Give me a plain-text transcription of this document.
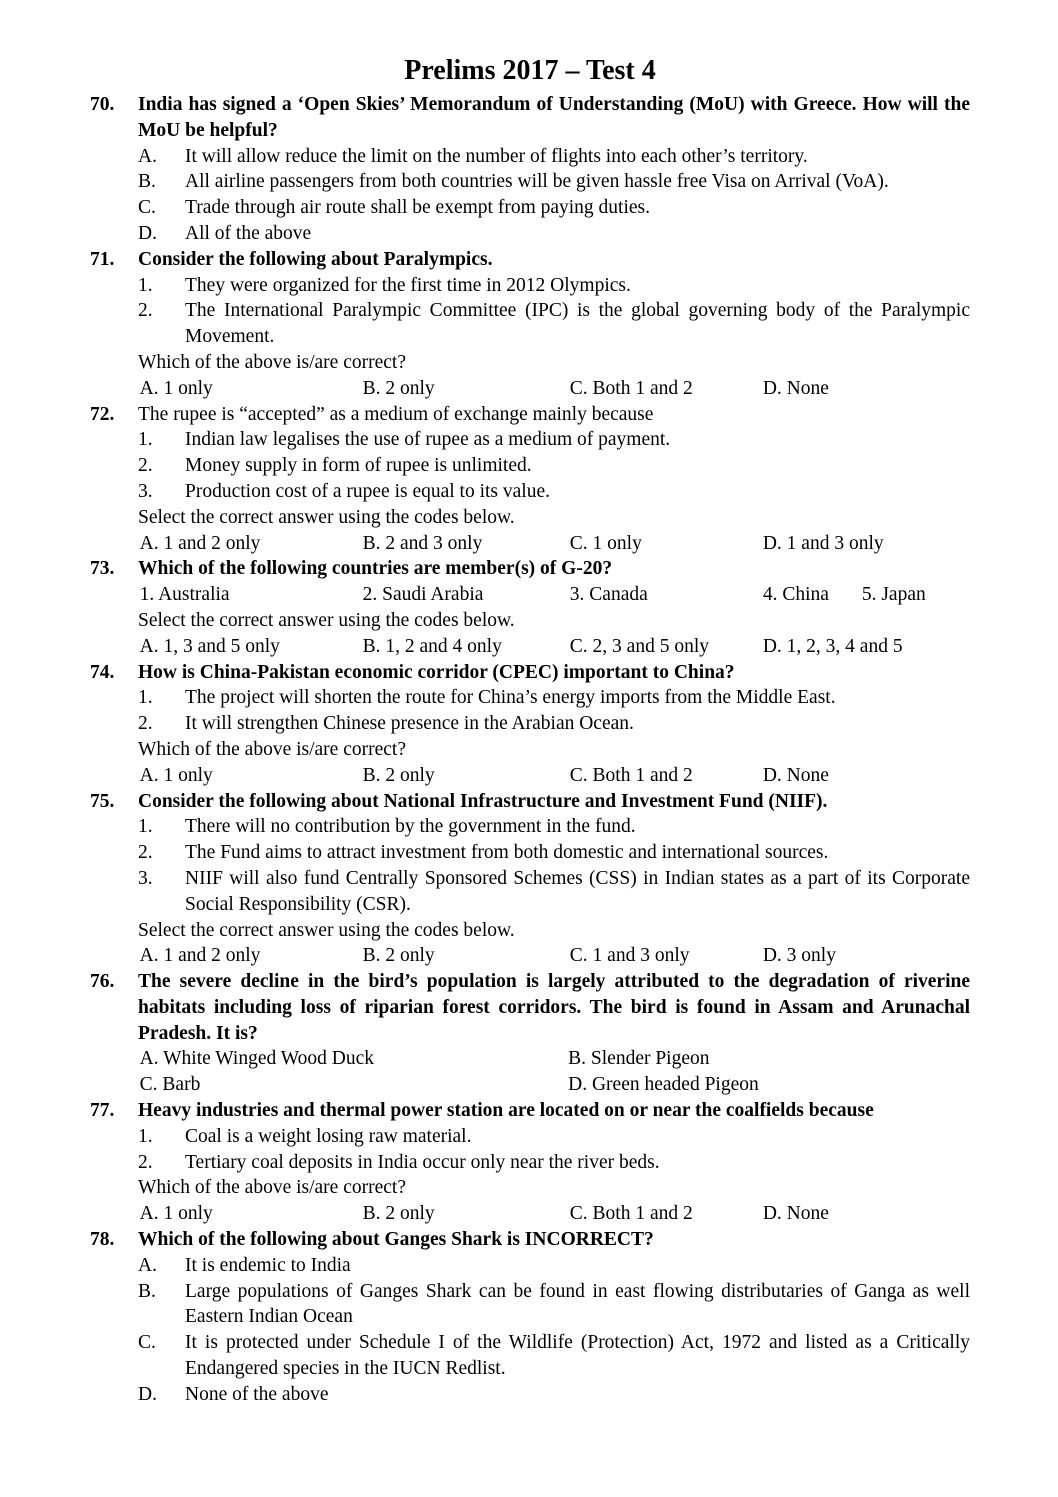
Prelims 2017 – Test 4
70.	India has signed a ‘Open Skies’ Memorandum of Understanding (MoU) with Greece. How will the MoU be helpful?
A.	It will allow reduce the limit on the number of flights into each other’s territory.
B.	All airline passengers from both countries will be given hassle free Visa on Arrival (VoA).
C.	Trade through air route shall be exempt from paying duties.
D.	All of the above
71.	Consider the following about Paralympics.
1.	They were organized for the first time in 2012 Olympics.
2.	The International Paralympic Committee (IPC) is the global governing body of the Paralympic Movement.
Which of the above is/are correct?
A. 1 only	B. 2 only	C. Both 1 and 2	D. None
72.	The rupee is “accepted” as a medium of exchange mainly because
1.	Indian law legalises the use of rupee as a medium of payment.
2.	Money supply in form of rupee is unlimited.
3.	Production cost of a rupee is equal to its value.
Select the correct answer using the codes below.
A. 1 and 2 only	B. 2 and 3 only	C. 1 only	D. 1 and 3 only
73.	Which of the following countries are member(s) of G-20?
1. Australia	2. Saudi Arabia	3. Canada	4. China 5. Japan
Select the correct answer using the codes below.
A. 1, 3 and 5 only	B. 1, 2 and 4 only	C. 2, 3 and 5 only	D. 1, 2, 3, 4 and 5
74.	How is China-Pakistan economic corridor (CPEC) important to China?
1.	The project will shorten the route for China’s energy imports from the Middle East.
2.	It will strengthen Chinese presence in the Arabian Ocean.
Which of the above is/are correct?
A. 1 only	B. 2 only	C. Both 1 and 2	D. None
75.	Consider the following about National Infrastructure and Investment Fund (NIIF).
1.	There will no contribution by the government in the fund.
2.	The Fund aims to attract investment from both domestic and international sources.
3.	NIIF will also fund Centrally Sponsored Schemes (CSS) in Indian states as a part of its Corporate Social Responsibility (CSR).
Select the correct answer using the codes below.
A. 1 and 2 only	B. 2 only	C. 1 and 3 only	D. 3 only
76.	The severe decline in the bird’s population is largely attributed to the degradation of riverine habitats including loss of riparian forest corridors. The bird is found in Assam and Arunachal Pradesh. It is?
A. White Winged Wood Duck	B. Slender Pigeon
C. Barb	D. Green headed Pigeon
77.	Heavy industries and thermal power station are located on or near the coalfields because
1.	Coal is a weight losing raw material.
2.	Tertiary coal deposits in India occur only near the river beds.
Which of the above is/are correct?
A. 1 only	B. 2 only	C. Both 1 and 2	D. None
78.	Which of the following about Ganges Shark is INCORRECT?
A.	It is endemic to India
B.	Large populations of Ganges Shark can be found in east flowing distributaries of Ganga as well Eastern Indian Ocean
C.	It is protected under Schedule I of the Wildlife (Protection) Act, 1972 and listed as a Critically Endangered species in the IUCN Redlist.
D.	None of the above
